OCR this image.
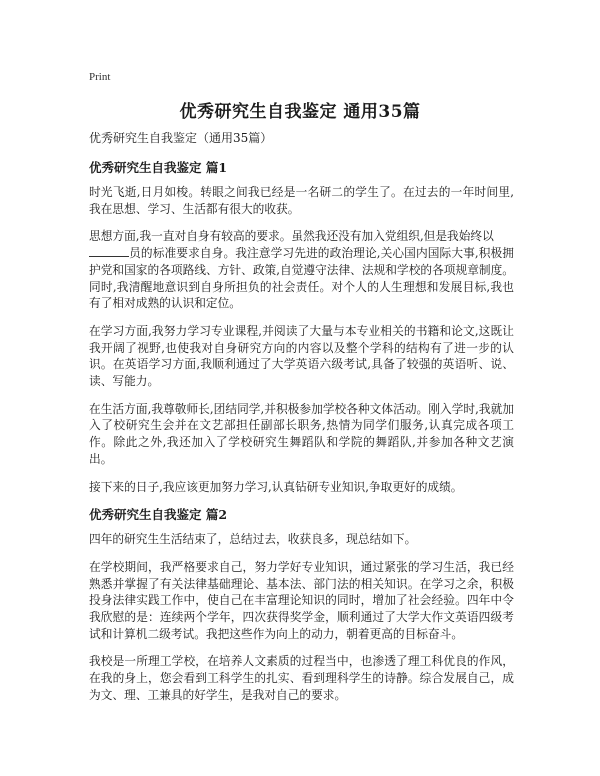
Print
优秀研究生自我鉴定 通用35篇

优秀研究生自我鉴定（通用35篇）

优秀研究生自我鉴定 篇1

时光飞逝,日月如梭。转眼之间我已经是一名研二的学生了。在过去的一年时间里,我在思想、学习、生活都有很大的收获。

思想方面,我一直对自身有较高的要求。虽然我还没有加入党组织,但是我始终以
员的标准要求自身。我注意学习先进的政治理论,关心国内国际大事,积极拥护党和国家的各项路线、方针、政策,自觉遵守法律、法规和学校的各项规章制度。同时,我清醒地意识到自身所担负的社会责任。对个人的人生理想和发展目标,我也有了相对成熟的认识和定位。

在学习方面,我努力学习专业课程,并阅读了大量与本专业相关的书籍和论文,这既让我开阔了视野,也使我对自身研究方向的内容以及整个学科的结构有了进一步的认识。在英语学习方面,我顺利通过了大学英语六级考试,具备了较强的英语听、说、读、写能力。

在生活方面,我尊敬师长,团结同学,并积极参加学校各种文体活动。刚入学时,我就加入了校研究生会并在文艺部担任副部长职务,热情为同学们服务,认真完成各项工作。除此之外,我还加入了学校研究生舞蹈队和学院的舞蹈队,并参加各种文艺演出。

接下来的日子,我应该更加努力学习,认真钻研专业知识,争取更好的成绩。

优秀研究生自我鉴定 篇2

四年的研究生生活结束了，总结过去，收获良多，现总结如下。

在学校期间，我严格要求自己，努力学好专业知识，通过紧张的学习生活，我已经熟悉并掌握了有关法律基础理论、基本法、部门法的相关知识。在学习之余，积极投身法律实践工作中，使自己在丰富理论知识的同时，增加了社会经验。四年中令我欣慰的是：连续两个学年，四次获得奖学金，顺利通过了大学大作文英语四级考试和计算机二级考试。我把这些作为向上的动力，朝着更高的目标奋斗。

我校是一所理工学校，在培养人文素质的过程当中，也渗透了理工科优良的作风，在我的身上，您会看到工科学生的扎实、看到理科学生的诗静。综合发展自己，成为文、理、工兼具的好学生，是我对自己的要求。
